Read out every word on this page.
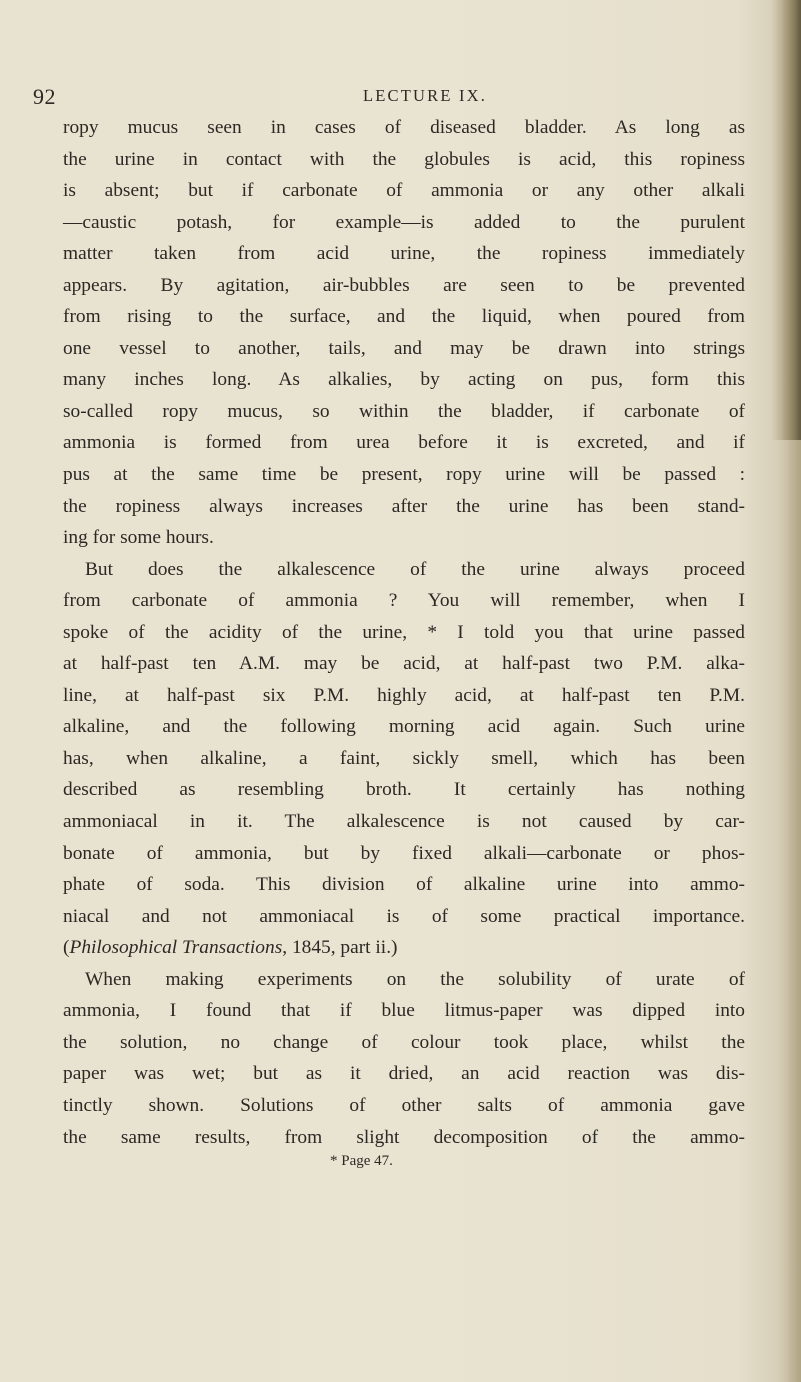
92	LECTURE IX.
ropy mucus seen in cases of diseased bladder. As long as
the urine in contact with the globules is acid, this ropiness
is absent; but if carbonate of ammonia or any other alkali
—caustic potash, for example—is added to the purulent
matter taken from acid urine, the ropiness immediately
appears. By agitation, air-bubbles are seen to be prevented
from rising to the surface, and the liquid, when poured from
one vessel to another, tails, and may be drawn into strings
many inches long. As alkalies, by acting on pus, form this
so-called ropy mucus, so within the bladder, if carbonate of
ammonia is formed from urea before it is excreted, and if
pus at the same time be present, ropy urine will be passed :
the ropiness always increases after the urine has been stand-
ing for some hours.
But does the alkalescence of the urine always proceed
from carbonate of ammonia ? You will remember, when I
spoke of the acidity of the urine, * I told you that urine passed
at half-past ten A.M. may be acid, at half-past two P.M. alka-
line, at half-past six P.M. highly acid, at half-past ten P.M.
alkaline, and the following morning acid again. Such urine
has, when alkaline, a faint, sickly smell, which has been
described as resembling broth. It certainly has nothing
ammoniacal in it. The alkalescence is not caused by car-
bonate of ammonia, but by fixed alkali—carbonate or phos-
phate of soda. This division of alkaline urine into ammo-
niacal and not ammoniacal is of some practical importance.
(Philosophical Transactions, 1845, part ii.)
When making experiments on the solubility of urate of
ammonia, I found that if blue litmus-paper was dipped into
the solution, no change of colour took place, whilst the
paper was wet; but as it dried, an acid reaction was dis-
tinctly shown. Solutions of other salts of ammonia gave
the same results, from slight decomposition of the ammo-
* Page 47.
